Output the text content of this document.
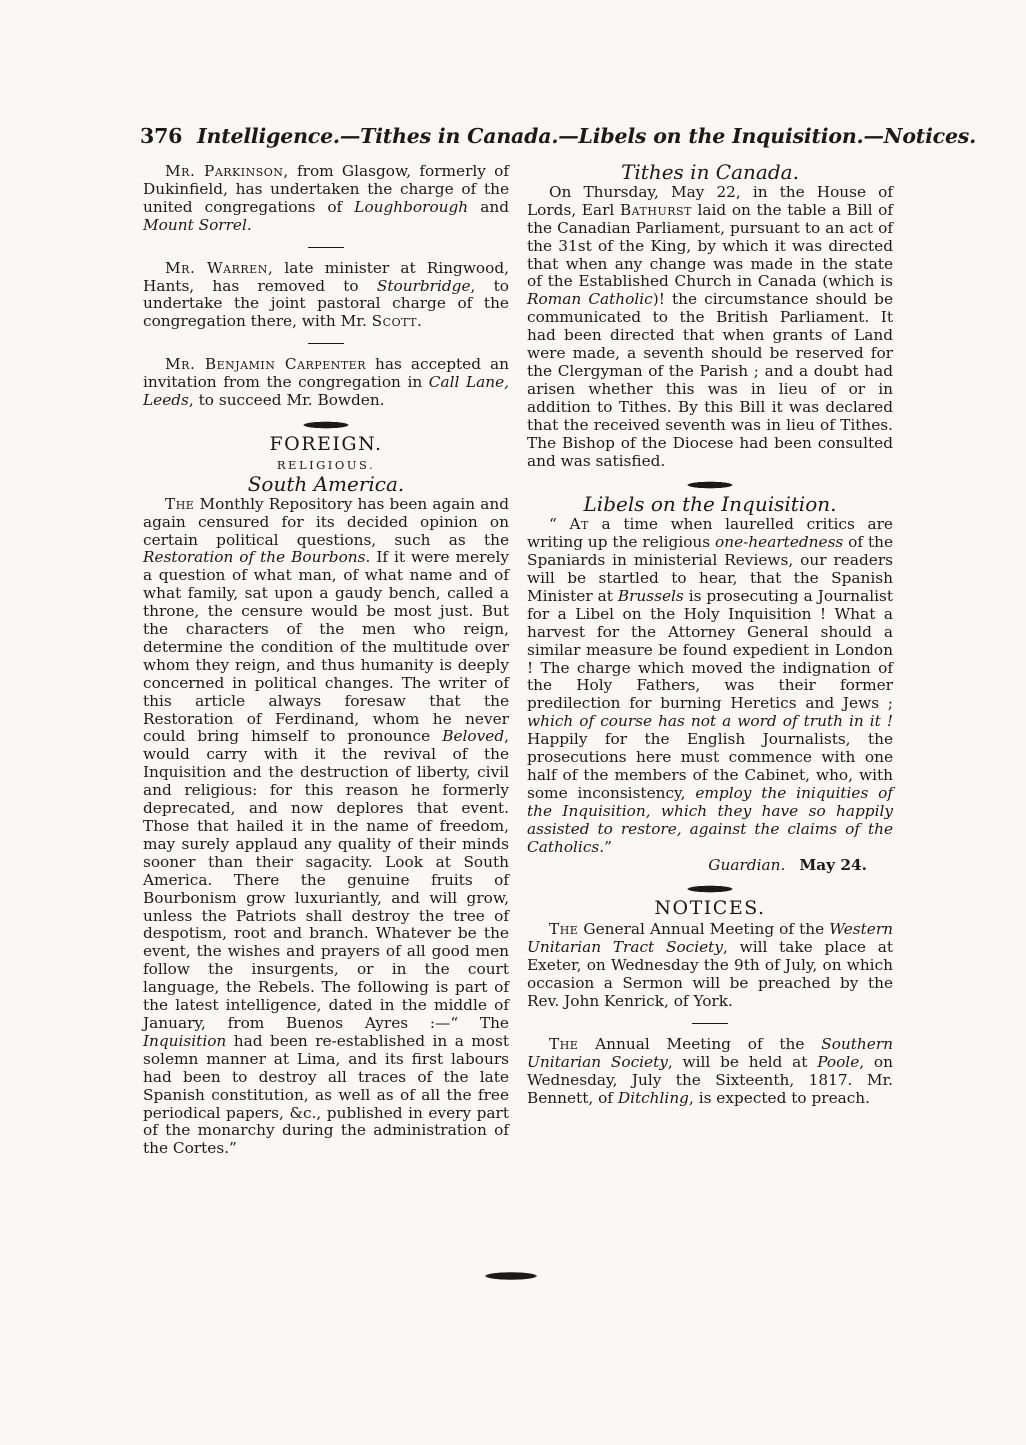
376 Intelligence.—Tithes in Canada.—Libels on the Inquisition.—Notices.

Mr. Parkinson, from Glasgow, formerly of Dukinfield, has undertaken the charge of the united congregations of Loughborough and Mount Sorrel.

Mr. Warren, late minister at Ringwood, Hants, has removed to Stourbridge, to undertake the joint pastoral charge of the congregation there, with Mr. Scott.

Mr. Benjamin Carpenter has accepted an invitation from the congregation in Call Lane, Leeds, to succeed Mr. Bowden.

FOREIGN.
RELIGIOUS.
South America.

The Monthly Repository has been again and again censured for its decided opinion on certain political questions, such as the Restoration of the Bourbons. If it were merely a question of what man, of what name and of what family, sat upon a gaudy bench, called a throne, the censure would be most just. But the characters of the men who reign, determine the condition of the multitude over whom they reign, and thus humanity is deeply concerned in political changes. The writer of this article always foresaw that the Restoration of Ferdinand, whom he never could bring himself to pronounce Beloved, would carry with it the revival of the Inquisition and the destruction of liberty, civil and religious: for this reason he formerly deprecated, and now deplores that event. Those that hailed it in the name of freedom, may surely applaud any quality of their minds sooner than their sagacity. Look at South America. There the genuine fruits of Bourbonism grow luxuriantly, and will grow, unless the Patriots shall destroy the tree of despotism, root and branch. Whatever be the event, the wishes and prayers of all good men follow the insurgents, or in the court language, the Rebels. The following is part of the latest intelligence, dated in the middle of January, from Buenos Ayres :—“ The Inquisition had been re-established in a most solemn manner at Lima, and its first labours had been to destroy all traces of the late Spanish constitution, as well as of all the free periodical papers, &c., published in every part of the monarchy during the administration of the Cortes.”

Tithes in Canada.

On Thursday, May 22, in the House of Lords, Earl Bathurst laid on the table a Bill of the Canadian Parliament, pursuant to an act of the 31st of the King, by which it was directed that when any change was made in the state of the Established Church in Canada (which is Roman Catholic)! the circumstance should be communicated to the British Parliament. It had been directed that when grants of Land were made, a seventh should be reserved for the Clergyman of the Parish ; and a doubt had arisen whether this was in lieu of or in addition to Tithes. By this Bill it was declared that the received seventh was in lieu of Tithes. The Bishop of the Diocese had been consulted and was satisfied.

Libels on the Inquisition.

“ At a time when laurelled critics are writing up the religious one-heartedness of the Spaniards in ministerial Reviews, our readers will be startled to hear, that the Spanish Minister at Brussels is prosecuting a Journalist for a Libel on the Holy Inquisition ! What a harvest for the Attorney General should a similar measure be found expedient in London ! The charge which moved the indignation of the Holy Fathers, was their former predilection for burning Heretics and Jews ; which of course has not a word of truth in it ! Happily for the English Journalists, the prosecutions here must commence with one half of the members of the Cabinet, who, with some inconsistency, employ the iniquities of the Inquisition, which they have so happily assisted to restore, against the claims of the Catholics.”

Guardian. May 24.
NOTICES.

The General Annual Meeting of the Western Unitarian Tract Society, will take place at Exeter, on Wednesday the 9th of July, on which occasion a Sermon will be preached by the Rev. John Kenrick, of York.

The Annual Meeting of the Southern Unitarian Society, will be held at Poole, on Wednesday, July the Sixteenth, 1817. Mr. Bennett, of Ditchling, is expected to preach.
